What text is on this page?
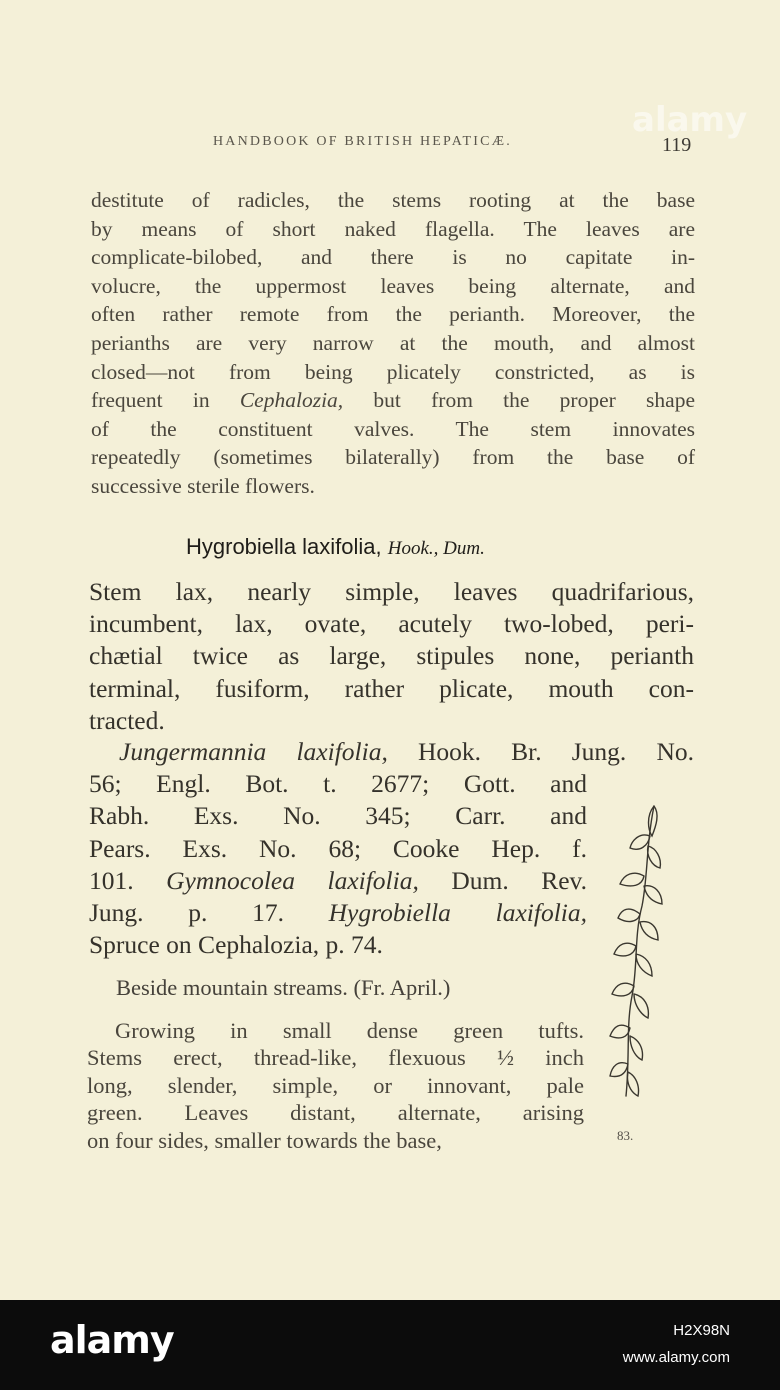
alamy
HANDBOOK OF BRITISH HEPATICÆ.	119

destitute of radicles, the stems rooting at the base
by means of short naked flagella. The leaves are
complicate-bilobed, and there is no capitate in-
volucre, the uppermost leaves being alternate, and
often rather remote from the perianth. Moreover, the
perianths are very narrow at the mouth, and almost
closed—not from being plicately constricted, as is
frequent in Cephalozia, but from the proper shape
of the constituent valves. The stem innovates
repeatedly (sometimes bilaterally) from the base of
successive sterile flowers.

Hygrobiella laxifolia, Hook., Dum.

Stem lax, nearly simple, leaves quadrifarious,
incumbent, lax, ovate, acutely two-lobed, peri-
chætial twice as large, stipules none, perianth
terminal, fusiform, rather plicate, mouth con-
tracted.

Jungermannia laxifolia, Hook. Br. Jung. No.
56; Engl. Bot. t. 2677; Gott. and
Rabh. Exs. No. 345; Carr. and
Pears. Exs. No. 68; Cooke Hep. f.
101. Gymnocolea laxifolia, Dum. Rev.
Jung. p. 17. Hygrobiella laxifolia,
Spruce on Cephalozia, p. 74.

Beside mountain streams. (Fr. April.)

Growing in small dense green tufts.
Stems erect, thread-like, flexuous ½ inch
long, slender, simple, or innovant, pale
green. Leaves distant, alternate, arising
on four sides, smaller towards the base,	83.
alamy	H2X98N
www.alamy.com
